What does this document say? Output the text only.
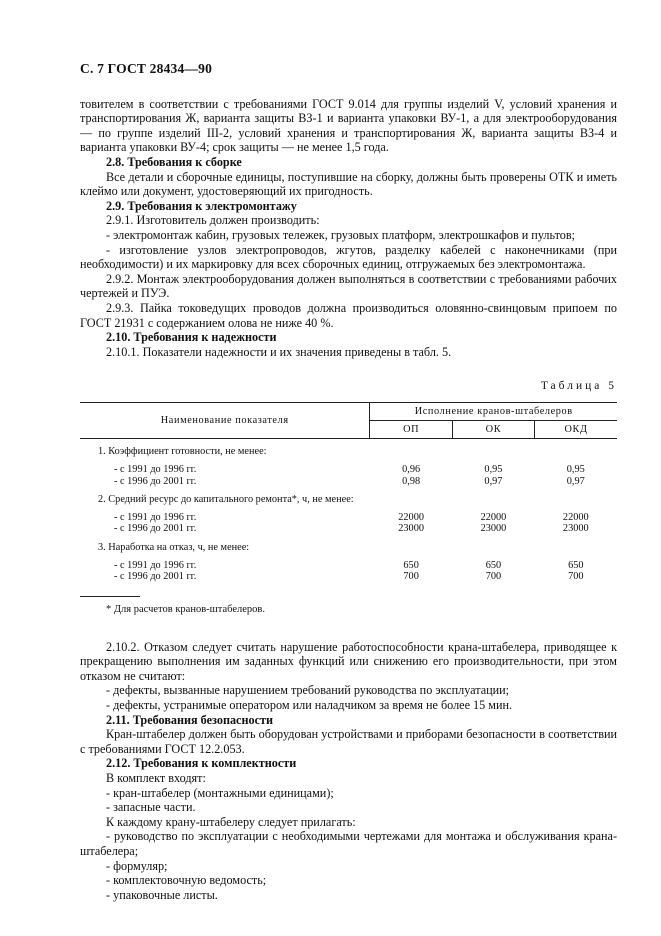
С. 7 ГОСТ 28434—90

товителем в соответствии с требованиями ГОСТ 9.014 для группы изделий V, условий хранения и транспортирования Ж, варианта защиты ВЗ-1 и варианта упаковки ВУ-1, а для электрооборудования — по группе изделий III-2, условий хранения и транспортирования Ж, варианта защиты ВЗ-4 и варианта упаковки ВУ-4; срок защиты — не менее 1,5 года.

2.8. Требования к сборке

Все детали и сборочные единицы, поступившие на сборку, должны быть проверены ОТК и иметь клеймо или документ, удостоверяющий их пригодность.

2.9. Требования к электромонтажу

2.9.1. Изготовитель должен производить:

- электромонтаж кабин, грузовых тележек, грузовых платформ, электрошкафов и пультов;

- изготовление узлов электропроводов, жгутов, разделку кабелей с наконечниками (при необходимости) и их маркировку для всех сборочных единиц, отгружаемых без электромонтажа.

2.9.2. Монтаж электрооборудования должен выполняться в соответствии с требованиями рабочих чертежей и ПУЭ.

2.9.3. Пайка токоведущих проводов должна производиться оловянно-свинцовым припоем по ГОСТ 21931 с содержанием олова не ниже 40 %.

2.10. Требования к надежности

2.10.1. Показатели надежности и их значения приведены в табл. 5.

Таблица 5
Наименование показателя	Исполнение кранов-штабелеров		
	ОП	ОК	ОКД
1. Коэффициент готовности, не менее:			
- с 1991 до 1996 гг.	0,96	0,95	0,95
- с 1996 до 2001 гг.	0,98	0,97	0,97
2. Средний ресурс до капитального ремонта*, ч, не менее:			
- с 1991 до 1996 гг.	22000	22000	22000
- с 1996 до 2001 гг.	23000	23000	23000
3. Наработка на отказ, ч, не менее:			
- с 1991 до 1996 гг.	650	650	650
- с 1996 до 2001 гг.	700	700	700

* Для расчетов кранов-штабелеров.

2.10.2. Отказом следует считать нарушение работоспособности крана-штабелера, приводящее к прекращению выполнения им заданных функций или снижению его производительности, при этом отказом не считают:

- дефекты, вызванные нарушением требований руководства по эксплуатации;

- дефекты, устранимые оператором или наладчиком за время не более 15 мин.

2.11. Требования безопасности

Кран-штабелер должен быть оборудован устройствами и приборами безопасности в соответствии с требованиями ГОСТ 12.2.053.

2.12. Требования к комплектности

В комплект входят:

- кран-штабелер (монтажными единицами);

- запасные части.

К каждому крану-штабелеру следует прилагать:

- руководство по эксплуатации с необходимыми чертежами для монтажа и обслуживания крана-штабелера;

- формуляр;

- комплектовочную ведомость;

- упаковочные листы.
